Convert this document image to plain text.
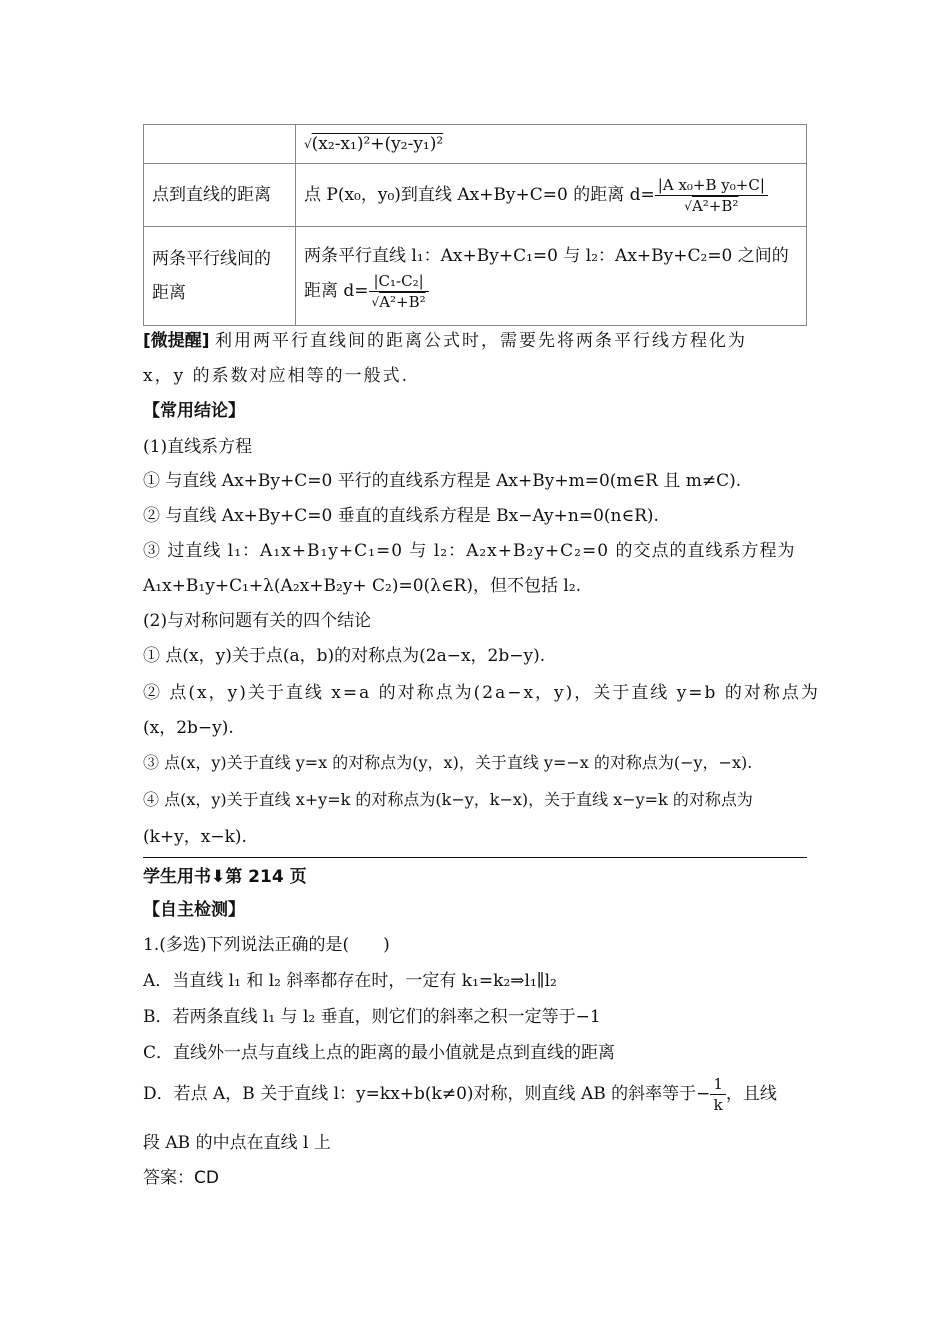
	√(x₂-x₁)²+(y₂-y₁)²
点到直线的距离	点 P(x₀，y₀)到直线 Ax+By+C=0 的距离 $d= \frac{\text{|A x₀+B y₀+C|}}{^√A^2+B^2}$

两条平行线间的距离	两条平行直线 l₁：Ax+By+C₁=0 与 l₂：Ax+By+C₂=0 之间的距离 $d= \frac{\text{|C₁-C₂|}}{^√A^2+B^2}$
[微提醒] 利用两平行直线间的距离公式时，需要先将两条平行线方程化为
x，y 的系数对应相等的一般式.
【常用结论】
(1)直线系方程
① 与直线 Ax+By+C=0 平行的直线系方程是 Ax+By+m=0(m∈R 且 m≠C).
② 与直线 Ax+By+C=0 垂直的直线系方程是 Bx−Ay+n=0(n∈R).
③ 过直线 l₁：A₁x+B₁y+C₁=0 与 l₂：A₂x+B₂y+C₂=0 的交点的直线系方程为
A₁x+B₁y+C₁+λ(A₂x+B₂y+ C₂)=0(λ∈R)，但不包括 l₂.
(2)与对称问题有关的四个结论
① 点(x，y)关于点(a，b)的对称点为(2a−x，2b−y).
② 点(x，y)关于直线 x=a 的对称点为(2a−x，y)，关于直线 y=b 的对称点为
(x，2b−y).
③ 点(x，y)关于直线 y=x 的对称点为(y，x)，关于直线 y=−x 的对称点为(−y，−x).
④ 点(x，y)关于直线 x+y=k 的对称点为(k−y，k−x)，关于直线 x−y=k 的对称点为
(k+y，x−k).
学生用书⬇第 214 页
【自主检测】
1.(多选)下列说法正确的是(　　)
A．当直线 l₁ 和 l₂ 斜率都存在时，一定有 k₁=k₂⇒l₁∥l₂
B．若两条直线 l₁ 与 l₂ 垂直，则它们的斜率之积一定等于−1
C．直线外一点与直线上点的距离的最小值就是点到直线的距离
D．若点 A，B 关于直线 l：y=kx+b(k≠0)对称，则直线 AB 的斜率等于− $\frac{1}{k}$ ，且线
段 AB 的中点在直线 l 上
答案：CD
